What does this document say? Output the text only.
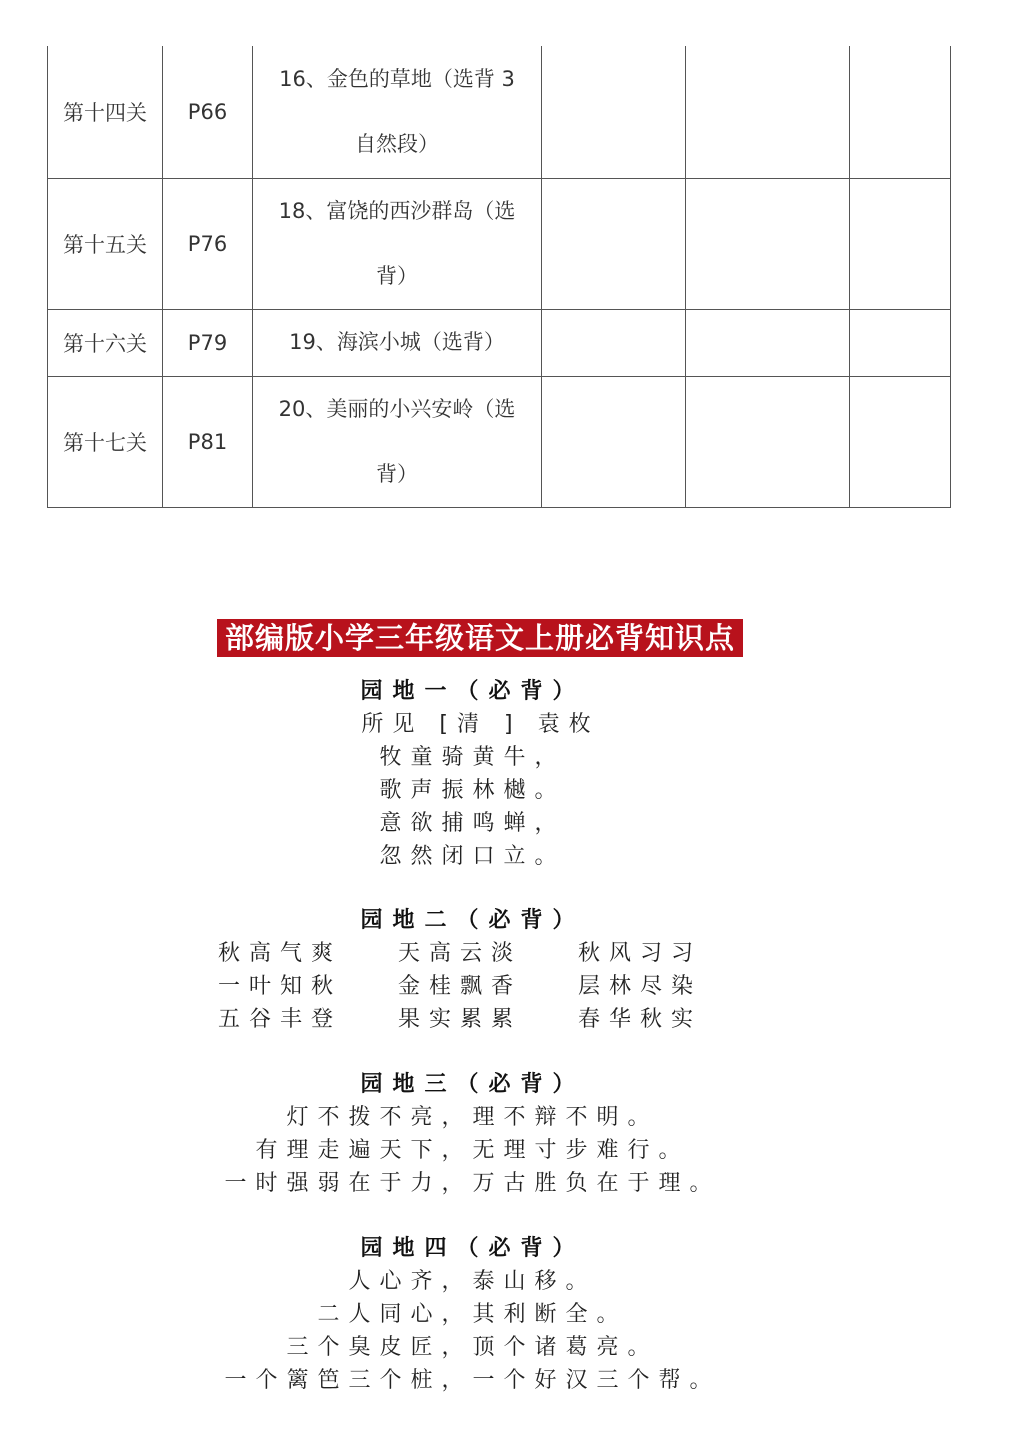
第十四关	P66	16、金色的草地（选背 3
自然段）			

第十五关	P76	18、富饶的西沙群岛（选
背）			

第十六关	P79	19、海滨小城（选背）			

第十七关	P81	20、美丽的小兴安岭（选
背）			

部编版小学三年级语文上册必背知识点
园地一（必背）
所见 [清 ] 袁枚
牧童骑黄牛，
歌声振林樾。
意欲捕鸣蝉，
忽然闭口立。
园地二（必背）
秋高气爽	天高云淡	秋风习习
一叶知秋	金桂飘香	层林尽染
五谷丰登	果实累累	春华秋实
园地三（必背）
灯不拨不亮，理不辩不明。
有理走遍天下，无理寸步难行。
一时强弱在于力，万古胜负在于理。
园地四（必背）
人心齐，泰山移。
二人同心，其利断全。
三个臭皮匠，顶个诸葛亮。
一个篱笆三个桩，一个好汉三个帮。
